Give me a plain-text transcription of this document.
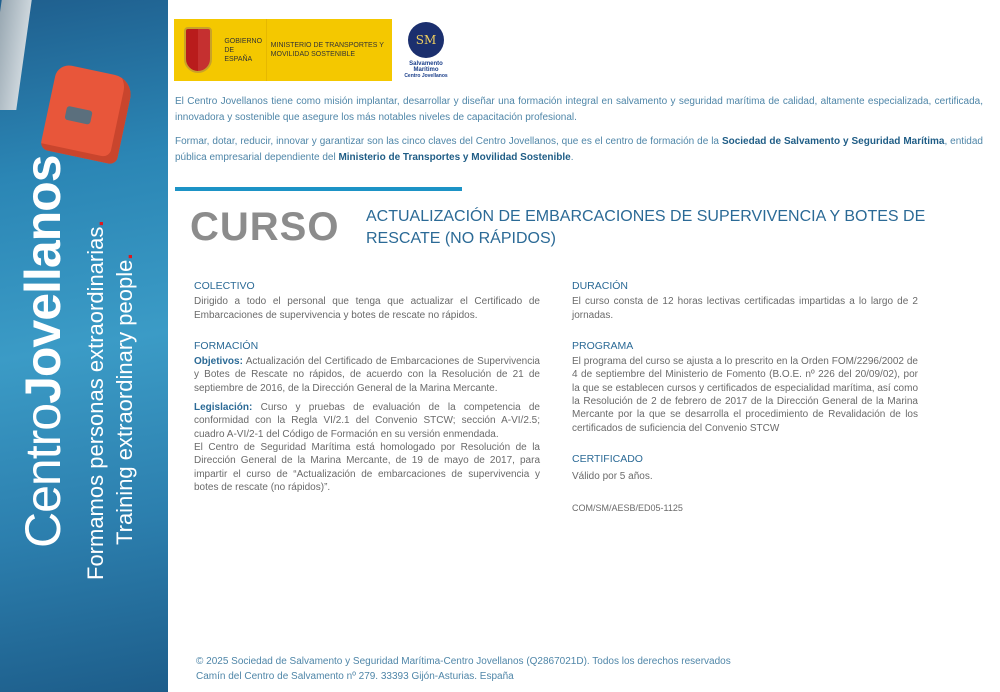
CentroJovellanos Formamos personas extraordinarias.
Training extraordinary people.
GOBIERNO DE ESPAÑA
MINISTERIO DE TRANSPORTES Y MOVILIDAD SOSTENIBLE
SM
Salvamento Marítimo
Centro Jovellanos

El Centro Jovellanos tiene como misión implantar, desarrollar y diseñar una formación integral en salvamento y seguridad marítima de calidad, altamente especializada, certificada, innovadora y sostenible que asegure los más notables niveles de capacitación profesional.

Formar, dotar, reducir, innovar y garantizar son las cinco claves del Centro Jovellanos, que es el centro de formación de la Sociedad de Salvamento y Seguridad Marítima, entidad pública empresarial dependiente del Ministerio de Transportes y Movilidad Sostenible.

CURSO ACTUALIZACIÓN DE EMBARCACIONES DE SUPERVIVENCIA Y BOTES DE RESCATE (NO RÁPIDOS)
COLECTIVO

Dirigido a todo el personal que tenga que actualizar el Certificado de Embarcaciones de supervivencia y botes de rescate no rápidos.

FORMACIÓN

Objetivos: Actualización del Certificado de Embarcaciones de Supervivencia y Botes de Rescate no rápidos, de acuerdo con la Resolución de 21 de septiembre de 2016, de la Dirección General de la Marina Mercante.

Legislación: Curso y pruebas de evaluación de la competencia de conformidad con la Regla VI/2.1 del Convenio STCW; sección A-VI/2.5; cuadro A-VI/2-1 del Código de Formación en su versión enmendada.

El Centro de Seguridad Marítima está homologado por Resolución de la Dirección General de la Marina Mercante, de 19 de mayo de 2017, para impartir el curso de “Actualización de embarcaciones de supervivencia y botes de rescate (no rápidos)”.

DURACIÓN

El curso consta de 12 horas lectivas certificadas impartidas a lo largo de 2 jornadas.

PROGRAMA

El programa del curso se ajusta a lo prescrito en la Orden FOM/2296/2002 de 4 de septiembre del Ministerio de Fomento (B.O.E. nº 226 del 20/09/02), por la que se establecen cursos y certificados de especialidad marítima, así como la Resolución de 2 de febrero de 2017 de la Dirección General de la Marina Mercante por la que se desarrolla el procedimiento de Revalidación de los certificados de suficiencia del Convenio STCW

CERTIFICADO

Válido por 5 años.

COM/SM/AESB/ED05-1125

© 2025 Sociedad de Salvamento y Seguridad Marítima-Centro Jovellanos (Q2867021D). Todos los derechos reservados
Camín del Centro de Salvamento nº 279. 33393 Gijón-Asturias. España
